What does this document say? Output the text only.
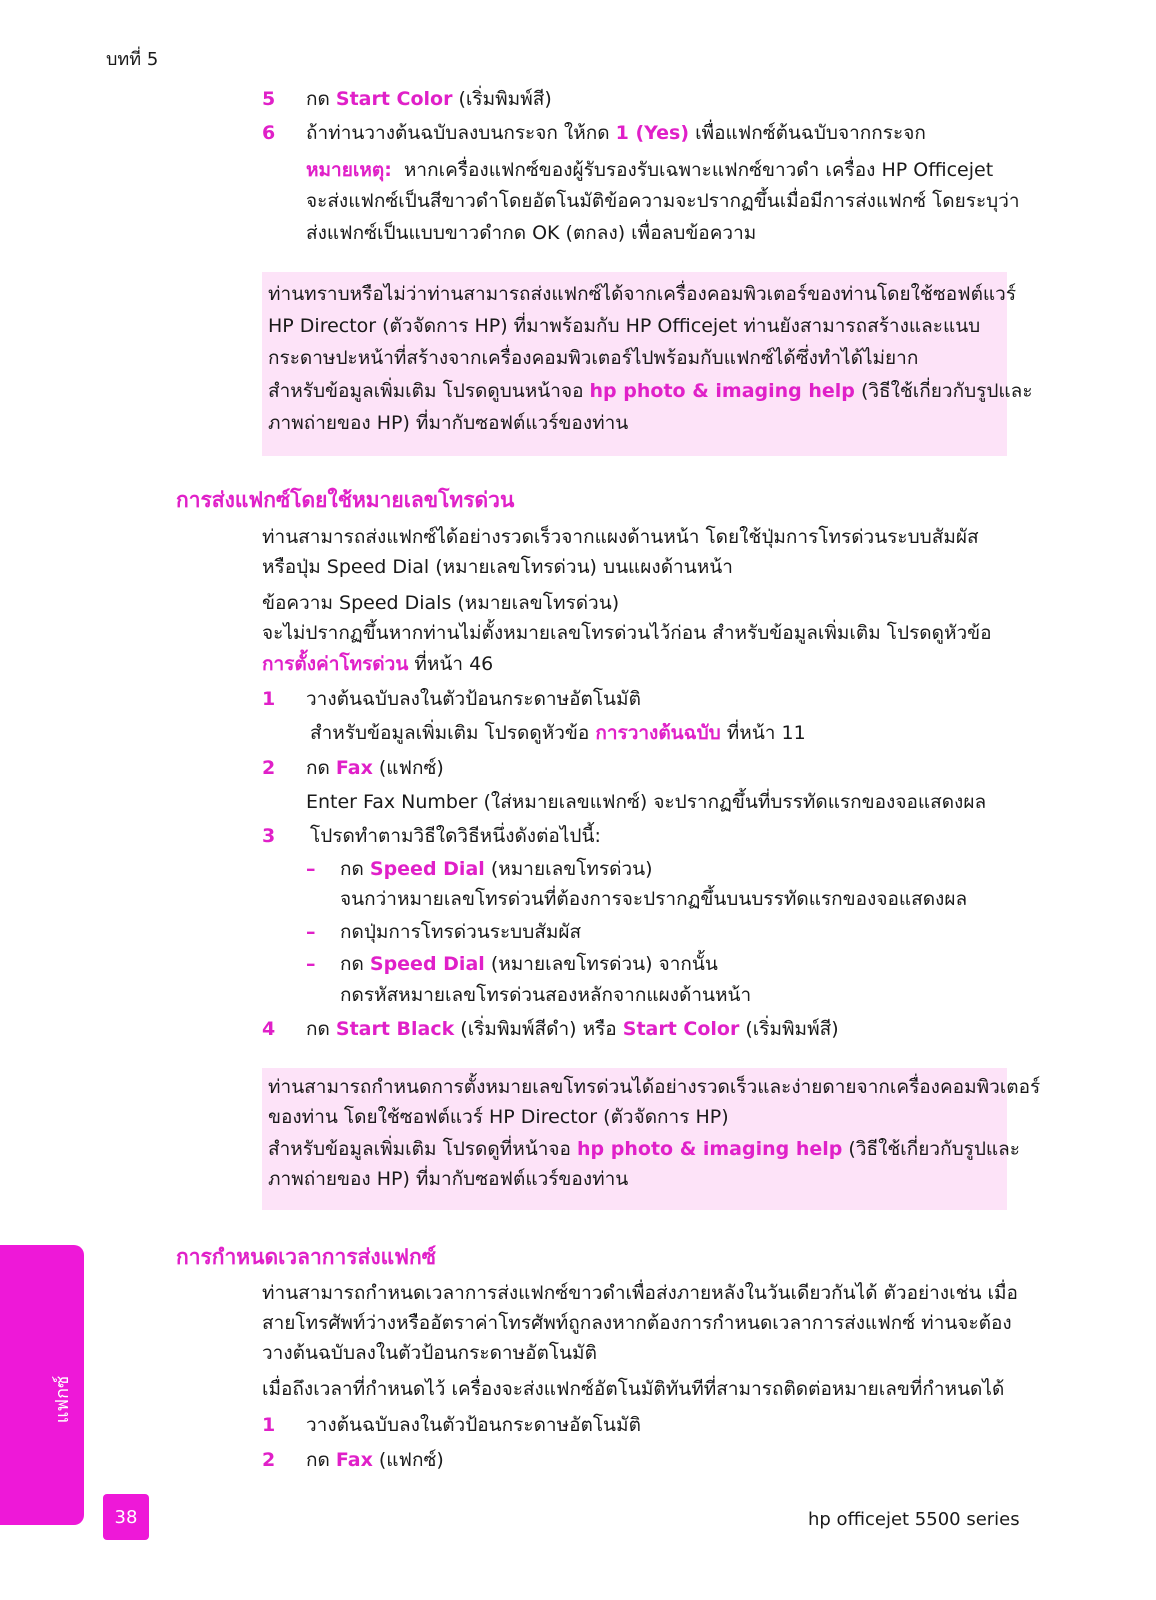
บทที่ 5
5 กด Start Color (เริ่มพิมพ์สี)
6 ถ้าท่านวางต้นฉบับลงบนกระจก ให้กด 1 (Yes) เพื่อแฟกซ์ต้นฉบับจากกระจก
หมายเหตุ: หากเครื่องแฟกซ์ของผู้รับรองรับเฉพาะแฟกซ์ขาวดำ เครื่อง HP Officejet
จะส่งแฟกซ์เป็นสีขาวดำโดยอัตโนมัติข้อความจะปรากฏขึ้นเมื่อมีการส่งแฟกซ์ โดยระบุว่า
ส่งแฟกซ์เป็นแบบขาวดำกด OK (ตกลง) เพื่อลบข้อความ
ท่านทราบหรือไม่ว่าท่านสามารถส่งแฟกซ์ได้จากเครื่องคอมพิวเตอร์ของท่านโดยใช้ซอฟต์แวร์
HP Director (ตัวจัดการ HP) ที่มาพร้อมกับ HP Officejet ท่านยังสามารถสร้างและแนบ
กระดาษปะหน้าที่สร้างจากเครื่องคอมพิวเตอร์ไปพร้อมกับแฟกซ์ได้ซึ่งทำได้ไม่ยาก
สำหรับข้อมูลเพิ่มเติม โปรดดูบนหน้าจอ hp photo & imaging help (วิธีใช้เกี่ยวกับรูปและ
ภาพถ่ายของ HP) ที่มากับซอฟต์แวร์ของท่าน
การส่งแฟกซ์โดยใช้หมายเลขโทรด่วน
ท่านสามารถส่งแฟกซ์ได้อย่างรวดเร็วจากแผงด้านหน้า โดยใช้ปุ่มการโทรด่วนระบบสัมผัส
หรือปุ่ม Speed Dial (หมายเลขโทรด่วน) บนแผงด้านหน้า
ข้อความ Speed Dials (หมายเลขโทรด่วน)
จะไม่ปรากฏขึ้นหากท่านไม่ตั้งหมายเลขโทรด่วนไว้ก่อน สำหรับข้อมูลเพิ่มเติม โปรดดูหัวข้อ
การตั้งค่าโทรด่วน ที่หน้า 46
1 วางต้นฉบับลงในตัวป้อนกระดาษอัตโนมัติ
สำหรับข้อมูลเพิ่มเติม โปรดดูหัวข้อ การวางต้นฉบับ ที่หน้า 11
2 กด Fax (แฟกซ์)
Enter Fax Number (ใส่หมายเลขแฟกซ์) จะปรากฏขึ้นที่บรรทัดแรกของจอแสดงผล
3 โปรดทำตามวิธีใดวิธีหนึ่งดังต่อไปนี้:
– กด Speed Dial (หมายเลขโทรด่วน)
จนกว่าหมายเลขโทรด่วนที่ต้องการจะปรากฏขึ้นบนบรรทัดแรกของจอแสดงผล
– กดปุ่มการโทรด่วนระบบสัมผัส
– กด Speed Dial (หมายเลขโทรด่วน) จากนั้น
กดรหัสหมายเลขโทรด่วนสองหลักจากแผงด้านหน้า
4 กด Start Black (เริ่มพิมพ์สีดำ) หรือ Start Color (เริ่มพิมพ์สี)
ท่านสามารถกำหนดการตั้งหมายเลขโทรด่วนได้อย่างรวดเร็วและง่ายดายจากเครื่องคอมพิวเตอร์
ของท่าน โดยใช้ซอฟต์แวร์ HP Director (ตัวจัดการ HP)
สำหรับข้อมูลเพิ่มเติม โปรดดูที่หน้าจอ hp photo & imaging help (วิธีใช้เกี่ยวกับรูปและ
ภาพถ่ายของ HP) ที่มากับซอฟต์แวร์ของท่าน
การกำหนดเวลาการส่งแฟกซ์
ท่านสามารถกำหนดเวลาการส่งแฟกซ์ขาวดำเพื่อส่งภายหลังในวันเดียวกันได้ ตัวอย่างเช่น เมื่อ
สายโทรศัพท์ว่างหรืออัตราค่าโทรศัพท์ถูกลงหากต้องการกำหนดเวลาการส่งแฟกซ์ ท่านจะต้อง
วางต้นฉบับลงในตัวป้อนกระดาษอัตโนมัติ
เมื่อถึงเวลาที่กำหนดไว้ เครื่องจะส่งแฟกซ์อัตโนมัติทันทีที่สามารถติดต่อหมายเลขที่กำหนดได้
1 วางต้นฉบับลงในตัวป้อนกระดาษอัตโนมัติ
2 กด Fax (แฟกซ์)
แฟกซ์
38	hp officejet 5500 series
